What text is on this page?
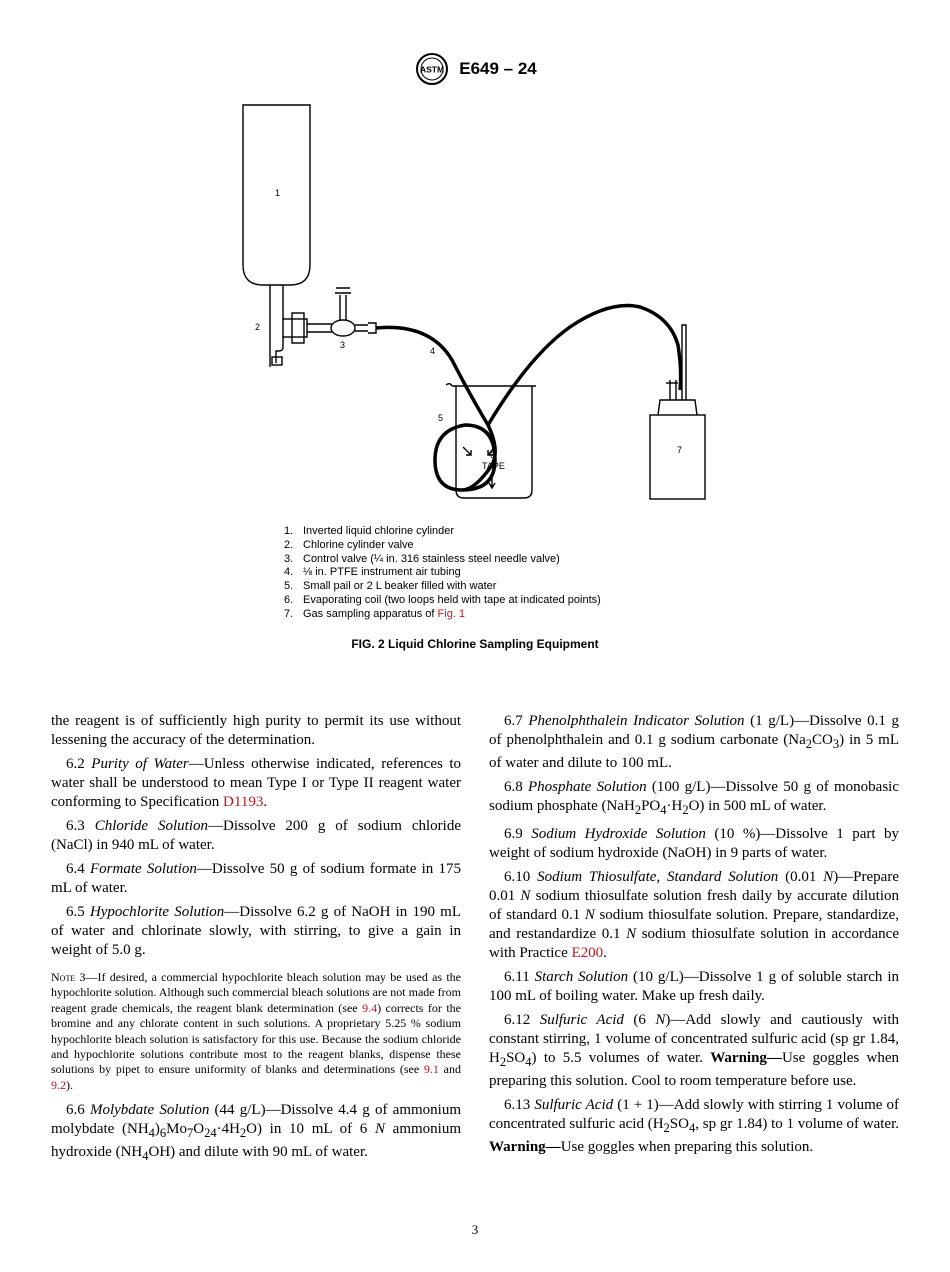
ASTM E649 – 24
1
2
3
4
5
6
TAPE
7
1. Inverted liquid chlorine cylinder
2. Chlorine cylinder valve
3. Control valve (¼ in. 316 stainless steel needle valve)
4. ⅛ in. PTFE instrument air tubing
5. Small pail or 2 L beaker filled with water
6. Evaporating coil (two loops held with tape at indicated points)
7. Gas sampling apparatus of Fig. 1
FIG. 2 Liquid Chlorine Sampling Equipment

the reagent is of sufficiently high purity to permit its use without lessening the accuracy of the determination.

6.2 Purity of Water—Unless otherwise indicated, references to water shall be understood to mean Type I or Type II reagent water conforming to Specification D1193.

6.3 Chloride Solution—Dissolve 200 g of sodium chloride (NaCl) in 940 mL of water.

6.4 Formate Solution—Dissolve 50 g of sodium formate in 175 mL of water.

6.5 Hypochlorite Solution—Dissolve 6.2 g of NaOH in 190 mL of water and chlorinate slowly, with stirring, to give a gain in weight of 5.0 g.

Note 3—If desired, a commercial hypochlorite bleach solution may be used as the hypochlorite solution. Although such commercial bleach solutions are not made from reagent grade chemicals, the reagent blank determination (see 9.4) corrects for the bromine and any chlorate content in such solutions. A proprietary 5.25 % sodium hypochlorite bleach solution is satisfactory for this use. Because the sodium chloride and hypochlorite solutions contribute most to the reagent blanks, dispense these solutions by pipet to ensure uniformity of blanks and determinations (see 9.1 and 9.2).

6.6 Molybdate Solution (44 g/L)—Dissolve 4.4 g of ammonium molybdate $(NH_4)_6Mo_7O_{24}\cdot 4H_2O$) in 10 mL of 6 N ammonium hydroxide $(NH_4OH)$ and dilute with 90 mL of water.

6.7 Phenolphthalein Indicator Solution (1 g/L)—Dissolve 0.1 g of phenolphthalein and 0.1 g sodium carbonate $(Na_2CO_3)$ in 5 mL of water and dilute to 100 mL.

6.8 Phosphate Solution (100 g/L)—Dissolve 50 g of monobasic sodium phosphate $(NaH_2PO_4\cdot H_2O)$ in 500 mL of water.

6.9 Sodium Hydroxide Solution (10 %)—Dissolve 1 part by weight of sodium hydroxide (NaOH) in 9 parts of water.

6.10 Sodium Thiosulfate, Standard Solution (0.01 N)—Prepare 0.01 N sodium thiosulfate solution fresh daily by accurate dilution of standard 0.1 N sodium thiosulfate solution. Prepare, standardize, and restandardize 0.1 N sodium thiosulfate solution in accordance with Practice E200.

6.11 Starch Solution (10 g/L)—Dissolve 1 g of soluble starch in 100 mL of boiling water. Make up fresh daily.

6.12 Sulfuric Acid (6 N)—Add slowly and cautiously with constant stirring, 1 volume of concentrated sulfuric acid (sp gr 1.84, $H_2SO_4$) to 5.5 volumes of water. Warning—Use goggles when preparing this solution. Cool to room temperature before use.

6.13 Sulfuric Acid (1 + 1)—Add slowly with stirring 1 volume of concentrated sulfuric acid ($H_2SO_4$, sp gr 1.84) to 1 volume of water. Warning—Use goggles when preparing this solution.

3
